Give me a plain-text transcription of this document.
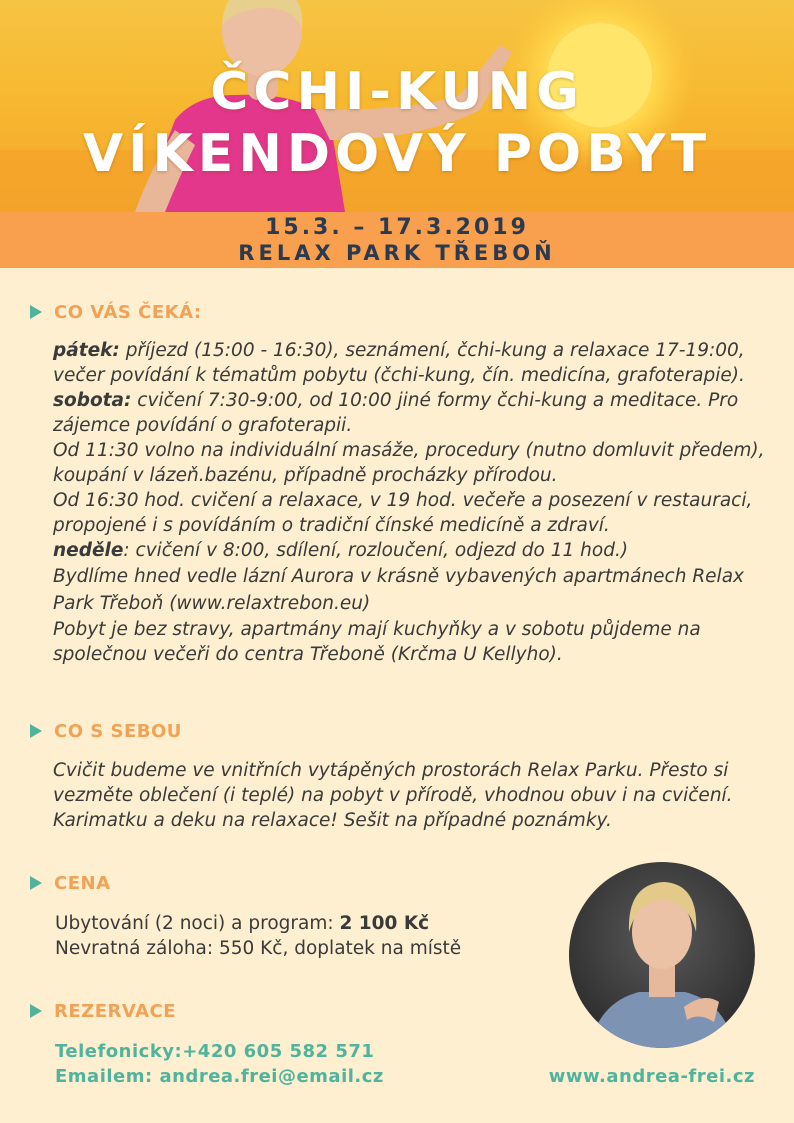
ČCHI-KUNG
VÍKENDOVÝ POBYT
15.3. – 17.3.2019
RELAX PARK TŘEBOŇ
CO VÁS ČEKÁ:

pátek: příjezd (15:00 - 16:30), seznámení, čchi-kung a relaxace 17-19:00, večer povídání k tématům pobytu (čchi-kung, čín. medicína, grafoterapie).

sobota: cvičení 7:30-9:00, od 10:00 jiné formy čchi-kung a meditace. Pro zájemce povídání o grafoterapii.

Od 11:30 volno na individuální masáže, procedury (nutno domluvit předem), koupání v lázeň.bazénu, případně procházky přírodou.

Od 16:30 hod. cvičení a relaxace, v 19 hod. večeře a posezení v restauraci, propojené i s povídáním o tradiční čínské medicíně a zdraví.

neděle: cvičení v 8:00, sdílení, rozloučení, odjezd do 11 hod.)

Bydlíme hned vedle lázní Aurora v krásně vybavených apartmánech Relax Park Třeboň (www.relaxtrebon.eu)

Pobyt je bez stravy, apartmány mají kuchyňky a v sobotu půjdeme na společnou večeři do centra Třeboně (Krčma U Kellyho).

CO S SEBOU

Cvičit budeme ve vnitřních vytápěných prostorách Relax Parku. Přesto si vezměte oblečení (i teplé) na pobyt v přírodě, vhodnou obuv i na cvičení. Karimatku a deku na relaxace! Sešit na případné poznámky.

CENA

Ubytování (2 noci) a program: 2 100 Kč

Nevratná záloha: 550 Kč, doplatek na místě

REZERVACE
Telefonicky:+420 605 582 571
Emailem: andrea.frei@email.cz	www.andrea-frei.cz
